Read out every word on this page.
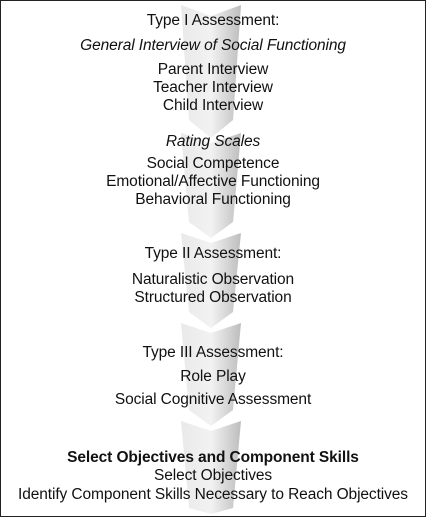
Type I Assessment:
General Interview of Social Functioning
Parent Interview
Teacher Interview
Child Interview
Rating Scales
Social Competence
Emotional/Affective Functioning
Behavioral Functioning
Type II Assessment:
Naturalistic Observation
Structured Observation
Type III Assessment:
Role Play
Social Cognitive Assessment
Select Objectives and Component Skills
Select Objectives
Identify Component Skills Necessary to Reach Objectives
